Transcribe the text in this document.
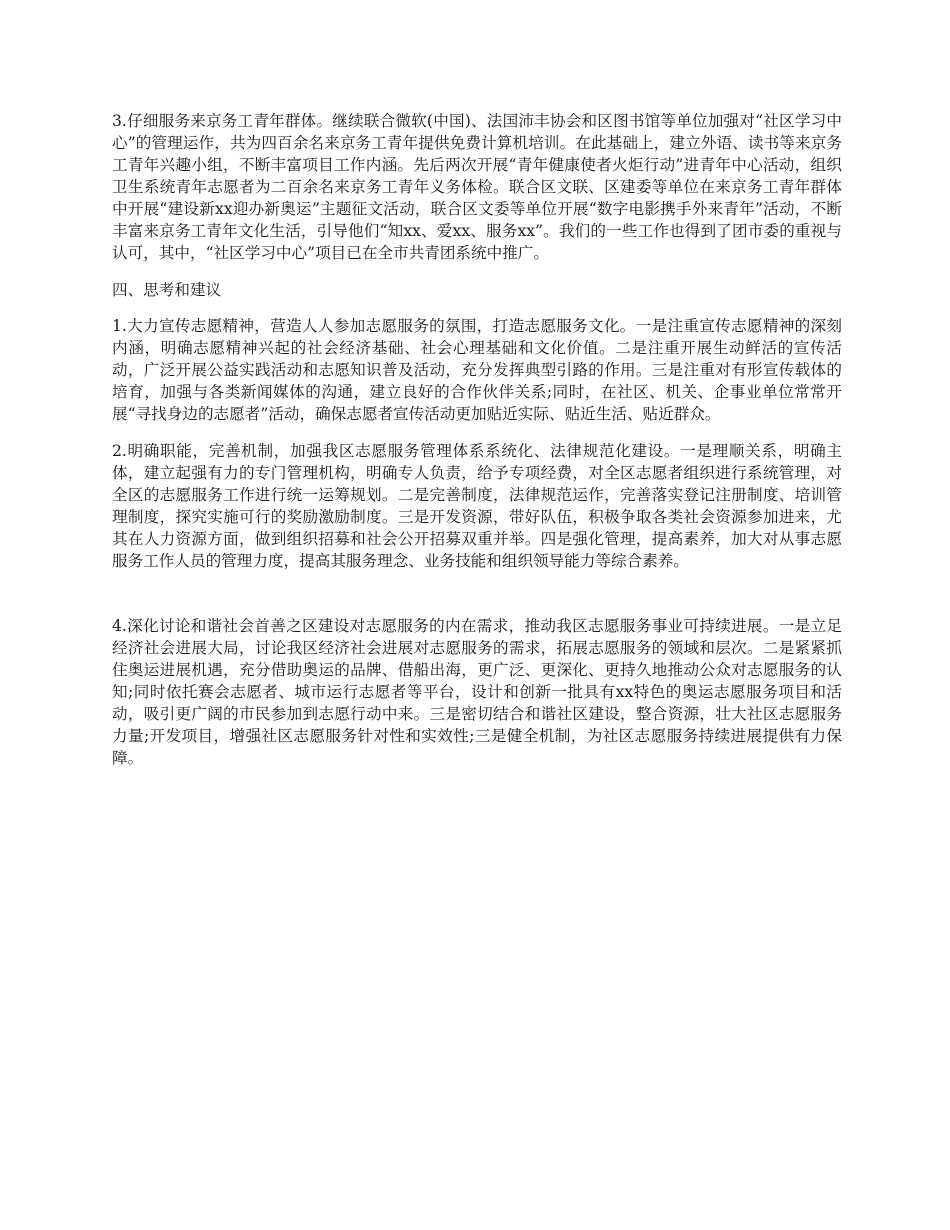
3.仔细服务来京务工青年群体。继续联合微软(中国)、法国沛丰协会和区图书馆等单位加强对“社区学习中心”的管理运作，共为四百余名来京务工青年提供免费计算机培训。在此基础上，建立外语、读书等来京务工青年兴趣小组，不断丰富项目工作内涵。先后两次开展“青年健康使者火炬行动”进青年中心活动，组织卫生系统青年志愿者为二百余名来京务工青年义务体检。联合区文联、区建委等单位在来京务工青年群体中开展“建设新xx迎办新奥运”主题征文活动，联合区文委等单位开展“数字电影携手外来青年”活动，不断丰富来京务工青年文化生活，引导他们“知xx、爱xx、服务xx”。我们的一些工作也得到了团市委的重视与认可，其中，“社区学习中心”项目已在全市共青团系统中推广。

四、思考和建议

1.大力宣传志愿精神，营造人人参加志愿服务的氛围，打造志愿服务文化。一是注重宣传志愿精神的深刻内涵，明确志愿精神兴起的社会经济基础、社会心理基础和文化价值。二是注重开展生动鲜活的宣传活动，广泛开展公益实践活动和志愿知识普及活动，充分发挥典型引路的作用。三是注重对有形宣传载体的培育，加强与各类新闻媒体的沟通，建立良好的合作伙伴关系;同时，在社区、机关、企事业单位常常开展“寻找身边的志愿者”活动，确保志愿者宣传活动更加贴近实际、贴近生活、贴近群众。

2.明确职能，完善机制，加强我区志愿服务管理体系系统化、法律规范化建设。一是理顺关系，明确主体，建立起强有力的专门管理机构，明确专人负责，给予专项经费，对全区志愿者组织进行系统管理，对全区的志愿服务工作进行统一运筹规划。二是完善制度，法律规范运作，完善落实登记注册制度、培训管理制度，探究实施可行的奖励激励制度。三是开发资源，带好队伍，积极争取各类社会资源参加进来，尤其在人力资源方面，做到组织招募和社会公开招募双重并举。四是强化管理，提高素养，加大对从事志愿服务工作人员的管理力度，提高其服务理念、业务技能和组织领导能力等综合素养。

4.深化讨论和谐社会首善之区建设对志愿服务的内在需求，推动我区志愿服务事业可持续进展。一是立足经济社会进展大局，讨论我区经济社会进展对志愿服务的需求，拓展志愿服务的领域和层次。二是紧紧抓住奥运进展机遇，充分借助奥运的品牌、借船出海，更广泛、更深化、更持久地推动公众对志愿服务的认知;同时依托赛会志愿者、城市运行志愿者等平台，设计和创新一批具有xx特色的奥运志愿服务项目和活动，吸引更广阔的市民参加到志愿行动中来。三是密切结合和谐社区建设，整合资源，壮大社区志愿服务力量;开发项目，增强社区志愿服务针对性和实效性;三是健全机制，为社区志愿服务持续进展提供有力保障。
